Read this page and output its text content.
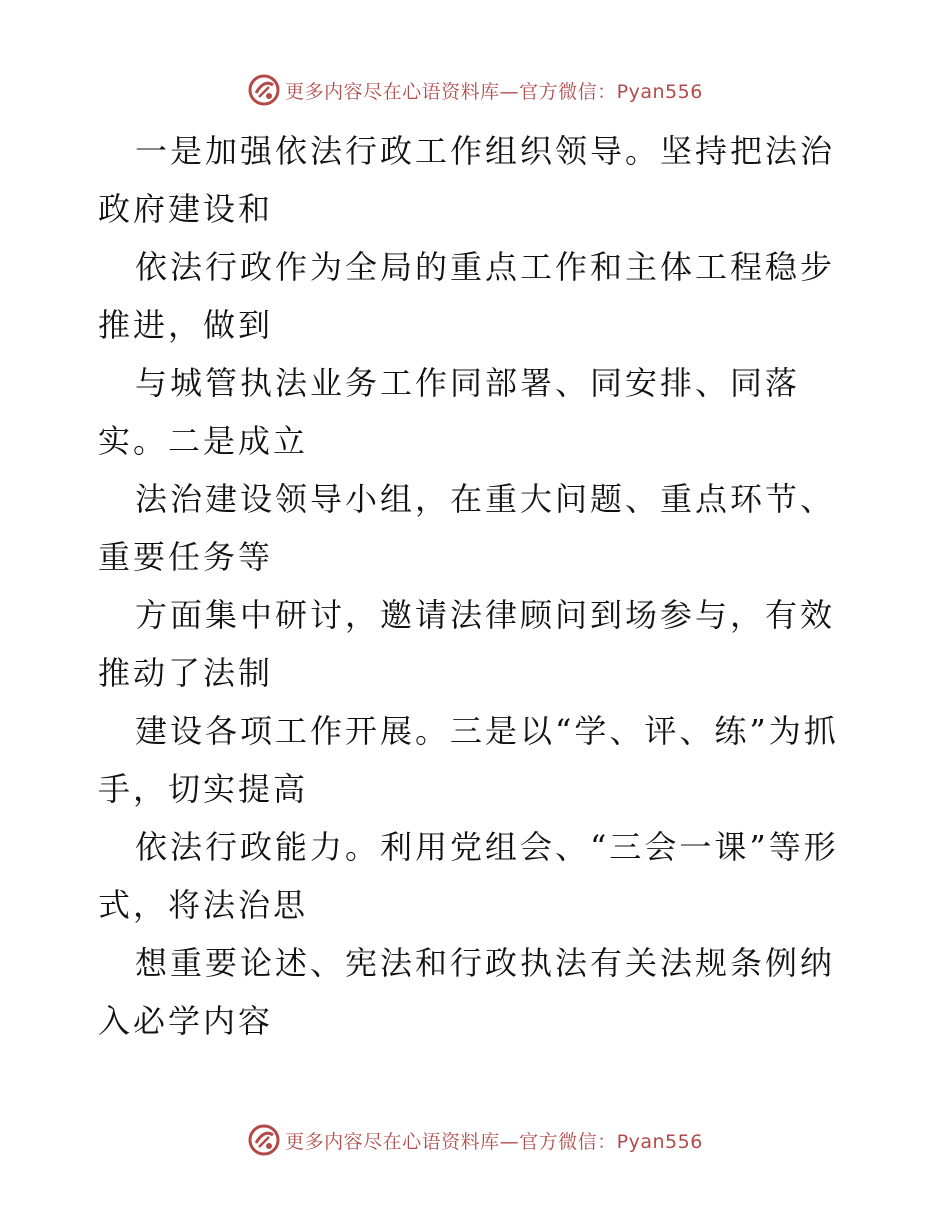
更多内容尽在心语资料库—官方微信：Pyan556

一是加强依法行政工作组织领导。坚持把法治政府建设和

依法行政作为全局的重点工作和主体工程稳步推进，做到

与城管执法业务工作同部署、同安排、同落实。二是成立

法治建设领导小组，在重大问题、重点环节、重要任务等

方面集中研讨，邀请法律顾问到场参与，有效推动了法制

建设各项工作开展。三是以“学、评、练”为抓手，切实提高

依法行政能力。利用党组会、“三会一课”等形式，将法治思

想重要论述、宪法和行政执法有关法规条例纳入必学内容

更多内容尽在心语资料库—官方微信：Pyan556
